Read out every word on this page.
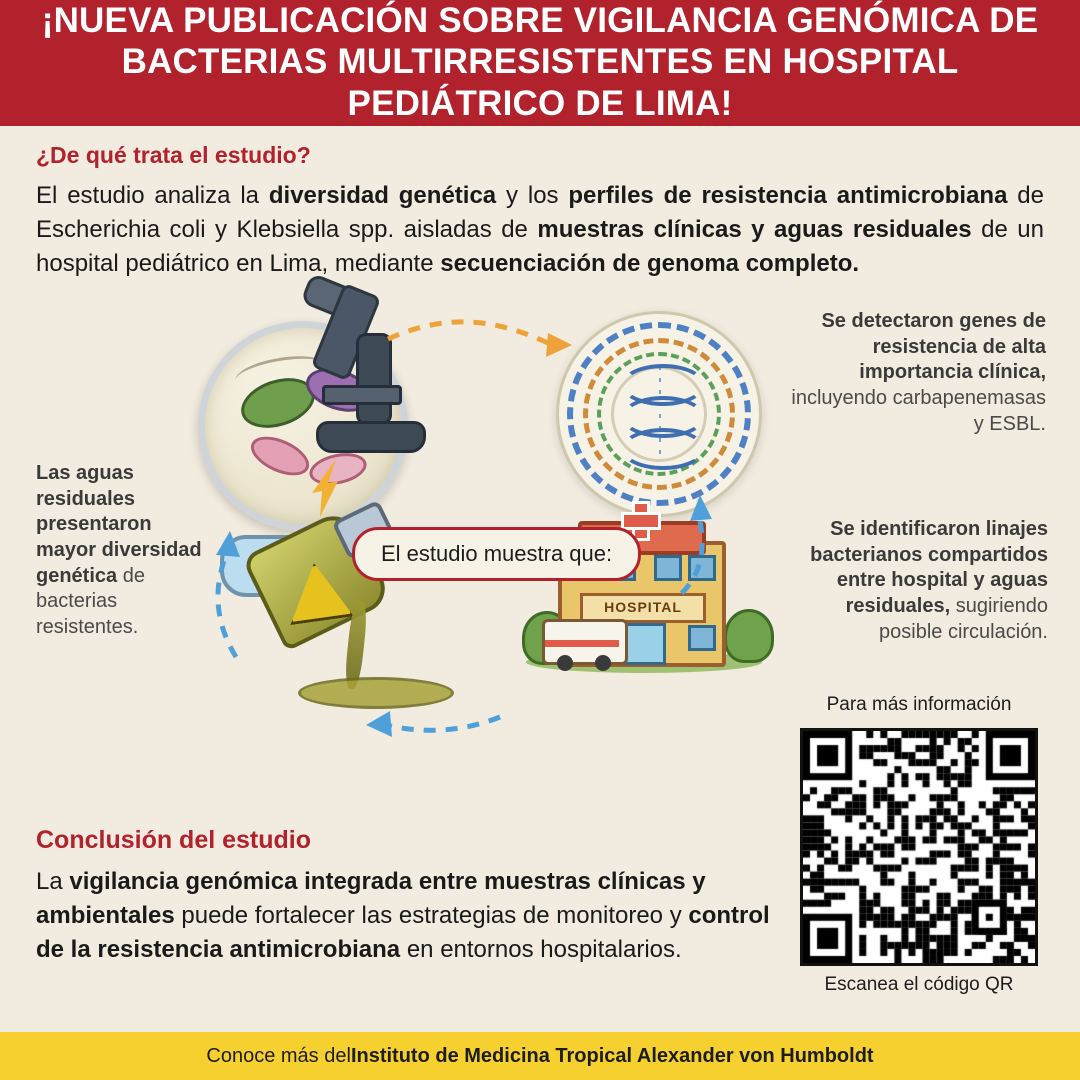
¡NUEVA PUBLICACIÓN SOBRE VIGILANCIA GENÓMICA DE BACTERIAS MULTIRRESISTENTES EN HOSPITAL PEDIÁTRICO DE LIMA!
¿De qué trata el estudio?

El estudio analiza la diversidad genética y los perfiles de resistencia antimicrobiana de Escherichia coli y Klebsiella spp. aisladas de muestras clínicas y aguas residuales de un hospital pediátrico en Lima, mediante secuenciación de genoma completo.

HOSPITAL
El estudio muestra que:
Las aguas residuales presentaron mayor diversidad genética de bacterias resistentes.
Se detectaron genes de resistencia de alta importancia clínica, incluyendo carbapenemasas y ESBL.
Se identificaron linajes bacterianos compartidos entre hospital y aguas residuales, sugiriendo posible circulación.
Para más información
Escanea el código QR
Conclusión del estudio

La vigilancia genómica integrada entre muestras clínicas y ambientales puede fortalecer las estrategias de monitoreo y control de la resistencia antimicrobiana en entornos hospitalarios.

Conoce más del Instituto de Medicina Tropical Alexander von Humboldt
